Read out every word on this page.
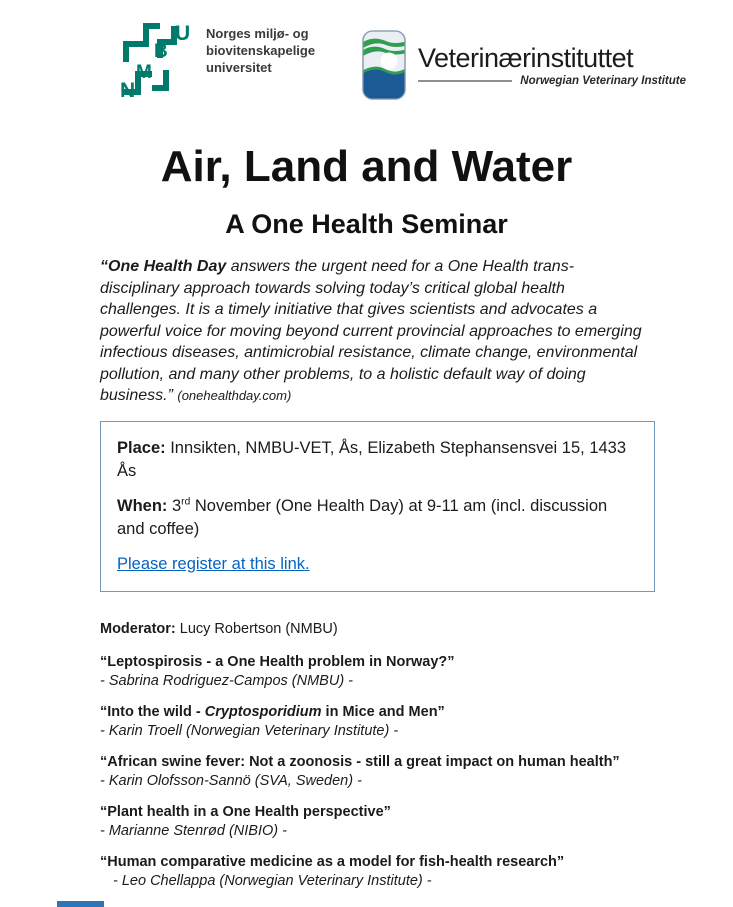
U
B
M
N
Norges miljø- og
biovitenskapelige
universitet	Veterinærinstituttet
Norwegian Veterinary Institute
Air, Land and Water
A One Health Seminar

“One Health Day answers the urgent need for a One Health trans-disciplinary approach towards solving today’s critical global health challenges. It is a timely initiative that gives scientists and advocates a powerful voice for moving beyond current provincial approaches to emerging infectious diseases, antimicrobial resistance, climate change, environmental pollution, and many other problems, to a holistic default way of doing business.” (onehealthday.com)

Place: Innsikten, NMBU-VET, Ås, Elizabeth Stephansensvei 15, 1433 Ås

When: 3rd November (One Health Day) at 9-11 am (incl. discussion and coffee)

Please register at this link.

Moderator: Lucy Robertson (NMBU)

“Leptospirosis - a One Health problem in Norway?”

- Sabrina Rodriguez-Campos (NMBU) -

“Into the wild - Cryptosporidium in Mice and Men”

- Karin Troell (Norwegian Veterinary Institute) -

“African swine fever: Not a zoonosis - still a great impact on human health”

- Karin Olofsson-Sannö (SVA, Sweden) -

“Plant health in a One Health perspective”

- Marianne Stenrød (NIBIO) -

“Human comparative medicine as a model for fish-health research”

- Leo Chellappa (Norwegian Veterinary Institute) -
